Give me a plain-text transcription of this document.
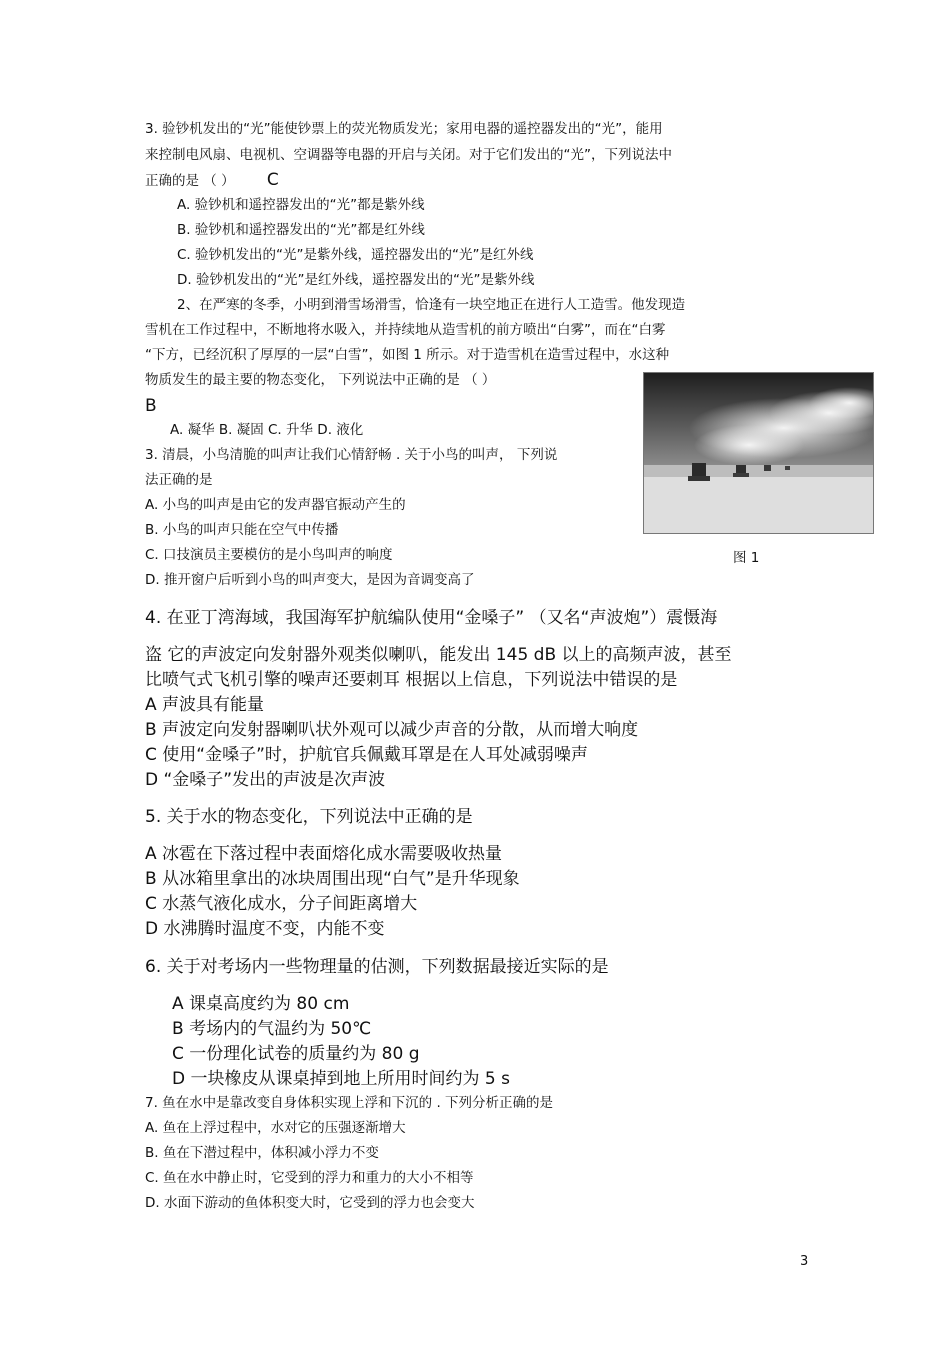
3. 验钞机发出的“光”能使钞票上的荧光物质发光；家用电器的遥控器发出的“光”，能用
来控制电风扇、电视机、空调器等电器的开启与关闭。对于它们发出的“光”，下列说法中
正确的是 （ ） C
A. 验钞机和遥控器发出的“光”都是紫外线
B. 验钞机和遥控器发出的“光”都是红外线
C. 验钞机发出的“光”是紫外线，遥控器发出的“光”是红外线
D. 验钞机发出的“光”是红外线，遥控器发出的“光”是紫外线
2、在严寒的冬季，小明到滑雪场滑雪，恰逢有一块空地正在进行人工造雪。他发现造
雪机在工作过程中，不断地将水吸入，并持续地从造雪机的前方喷出“白雾”，而在“白雾
“下方，已经沉积了厚厚的一层“白雪”，如图 1 所示。对于造雪机在造雪过程中，水这种
物质发生的最主要的物态变化， 下列说法中正确的是 （ ）
B
A. 凝华 B. 凝固 C. 升华 D. 液化
图 1
3. 清晨，小鸟清脆的叫声让我们心情舒畅 . 关于小鸟的叫声， 下列说
法正确的是
A. 小鸟的叫声是由它的发声器官振动产生的
B. 小鸟的叫声只能在空气中传播
C. 口技演员主要模仿的是小鸟叫声的响度
D. 推开窗户后听到小鸟的叫声变大，是因为音调变高了
4. 在亚丁湾海域，我国海军护航编队使用“金嗓子” （又名“声波炮”）震慑海
盗 它的声波定向发射器外观类似喇叭，能发出 145 dB 以上的高频声波，甚至
比喷气式飞机引擎的噪声还要刺耳 根据以上信息，下列说法中错误的是
A 声波具有能量
B 声波定向发射器喇叭状外观可以减少声音的分散，从而增大响度
C 使用“金嗓子”时，护航官兵佩戴耳罩是在人耳处减弱噪声
D “金嗓子”发出的声波是次声波
5. 关于水的物态变化，下列说法中正确的是
A 冰雹在下落过程中表面熔化成水需要吸收热量
B 从冰箱里拿出的冰块周围出现“白气”是升华现象
C 水蒸气液化成水，分子间距离增大
D 水沸腾时温度不变，内能不变
6. 关于对考场内一些物理量的估测，下列数据最接近实际的是
A 课桌高度约为 80 cm
B 考场内的气温约为 50℃
C 一份理化试卷的质量约为 80 g
D 一块橡皮从课桌掉到地上所用时间约为 5 s
7. 鱼在水中是靠改变自身体积实现上浮和下沉的 . 下列分析正确的是
A. 鱼在上浮过程中，水对它的压强逐渐增大
B. 鱼在下潜过程中，体积减小浮力不变
C. 鱼在水中静止时，它受到的浮力和重力的大小不相等
D. 水面下游动的鱼体积变大时，它受到的浮力也会变大
3
